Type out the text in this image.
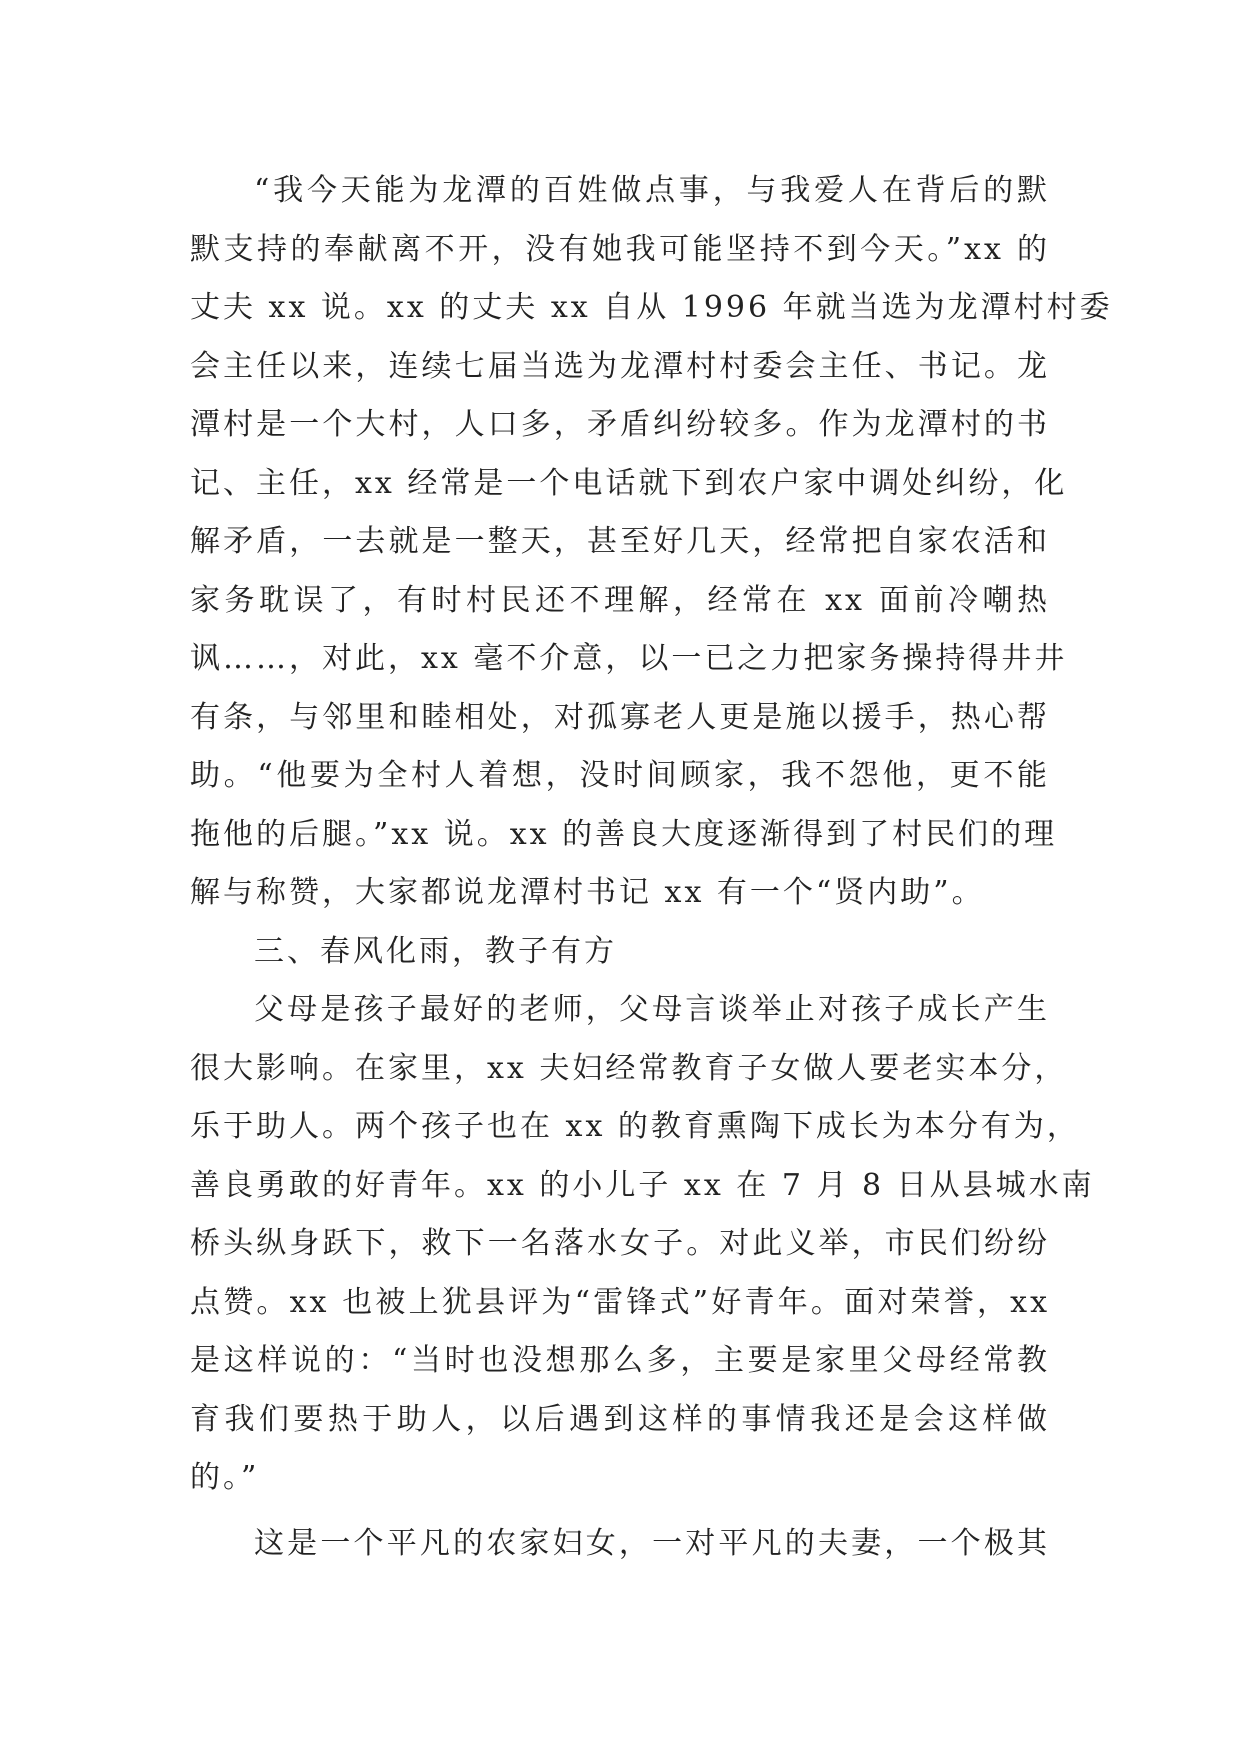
“我今天能为龙潭的百姓做点事，与我爱人在背后的默
默支持的奉献离不开，没有她我可能坚持不到今天。”xx 的
丈夫 xx 说。xx 的丈夫 xx 自从 1996 年就当选为龙潭村村委
会主任以来，连续七届当选为龙潭村村委会主任、书记。龙
潭村是一个大村，人口多，矛盾纠纷较多。作为龙潭村的书
记、主任，xx 经常是一个电话就下到农户家中调处纠纷，化
解矛盾，一去就是一整天，甚至好几天，经常把自家农活和
家务耽误了，有时村民还不理解，经常在 xx 面前冷嘲热
讽……，对此，xx 毫不介意，以一已之力把家务操持得井井
有条，与邻里和睦相处，对孤寡老人更是施以援手，热心帮
助。“他要为全村人着想，没时间顾家，我不怨他，更不能
拖他的后腿。”xx 说。xx 的善良大度逐渐得到了村民们的理
解与称赞，大家都说龙潭村书记 xx 有一个“贤内助”。
三、春风化雨，教子有方
父母是孩子最好的老师，父母言谈举止对孩子成长产生
很大影响。在家里，xx 夫妇经常教育子女做人要老实本分，
乐于助人。两个孩子也在 xx 的教育熏陶下成长为本分有为，
善良勇敢的好青年。xx 的小儿子 xx 在 7 月 8 日从县城水南
桥头纵身跃下，救下一名落水女子。对此义举，市民们纷纷
点赞。xx 也被上犹县评为“雷锋式”好青年。面对荣誉，xx
是这样说的：“当时也没想那么多，主要是家里父母经常教
育我们要热于助人，以后遇到这样的事情我还是会这样做
的。”
这是一个平凡的农家妇女，一对平凡的夫妻，一个极其
